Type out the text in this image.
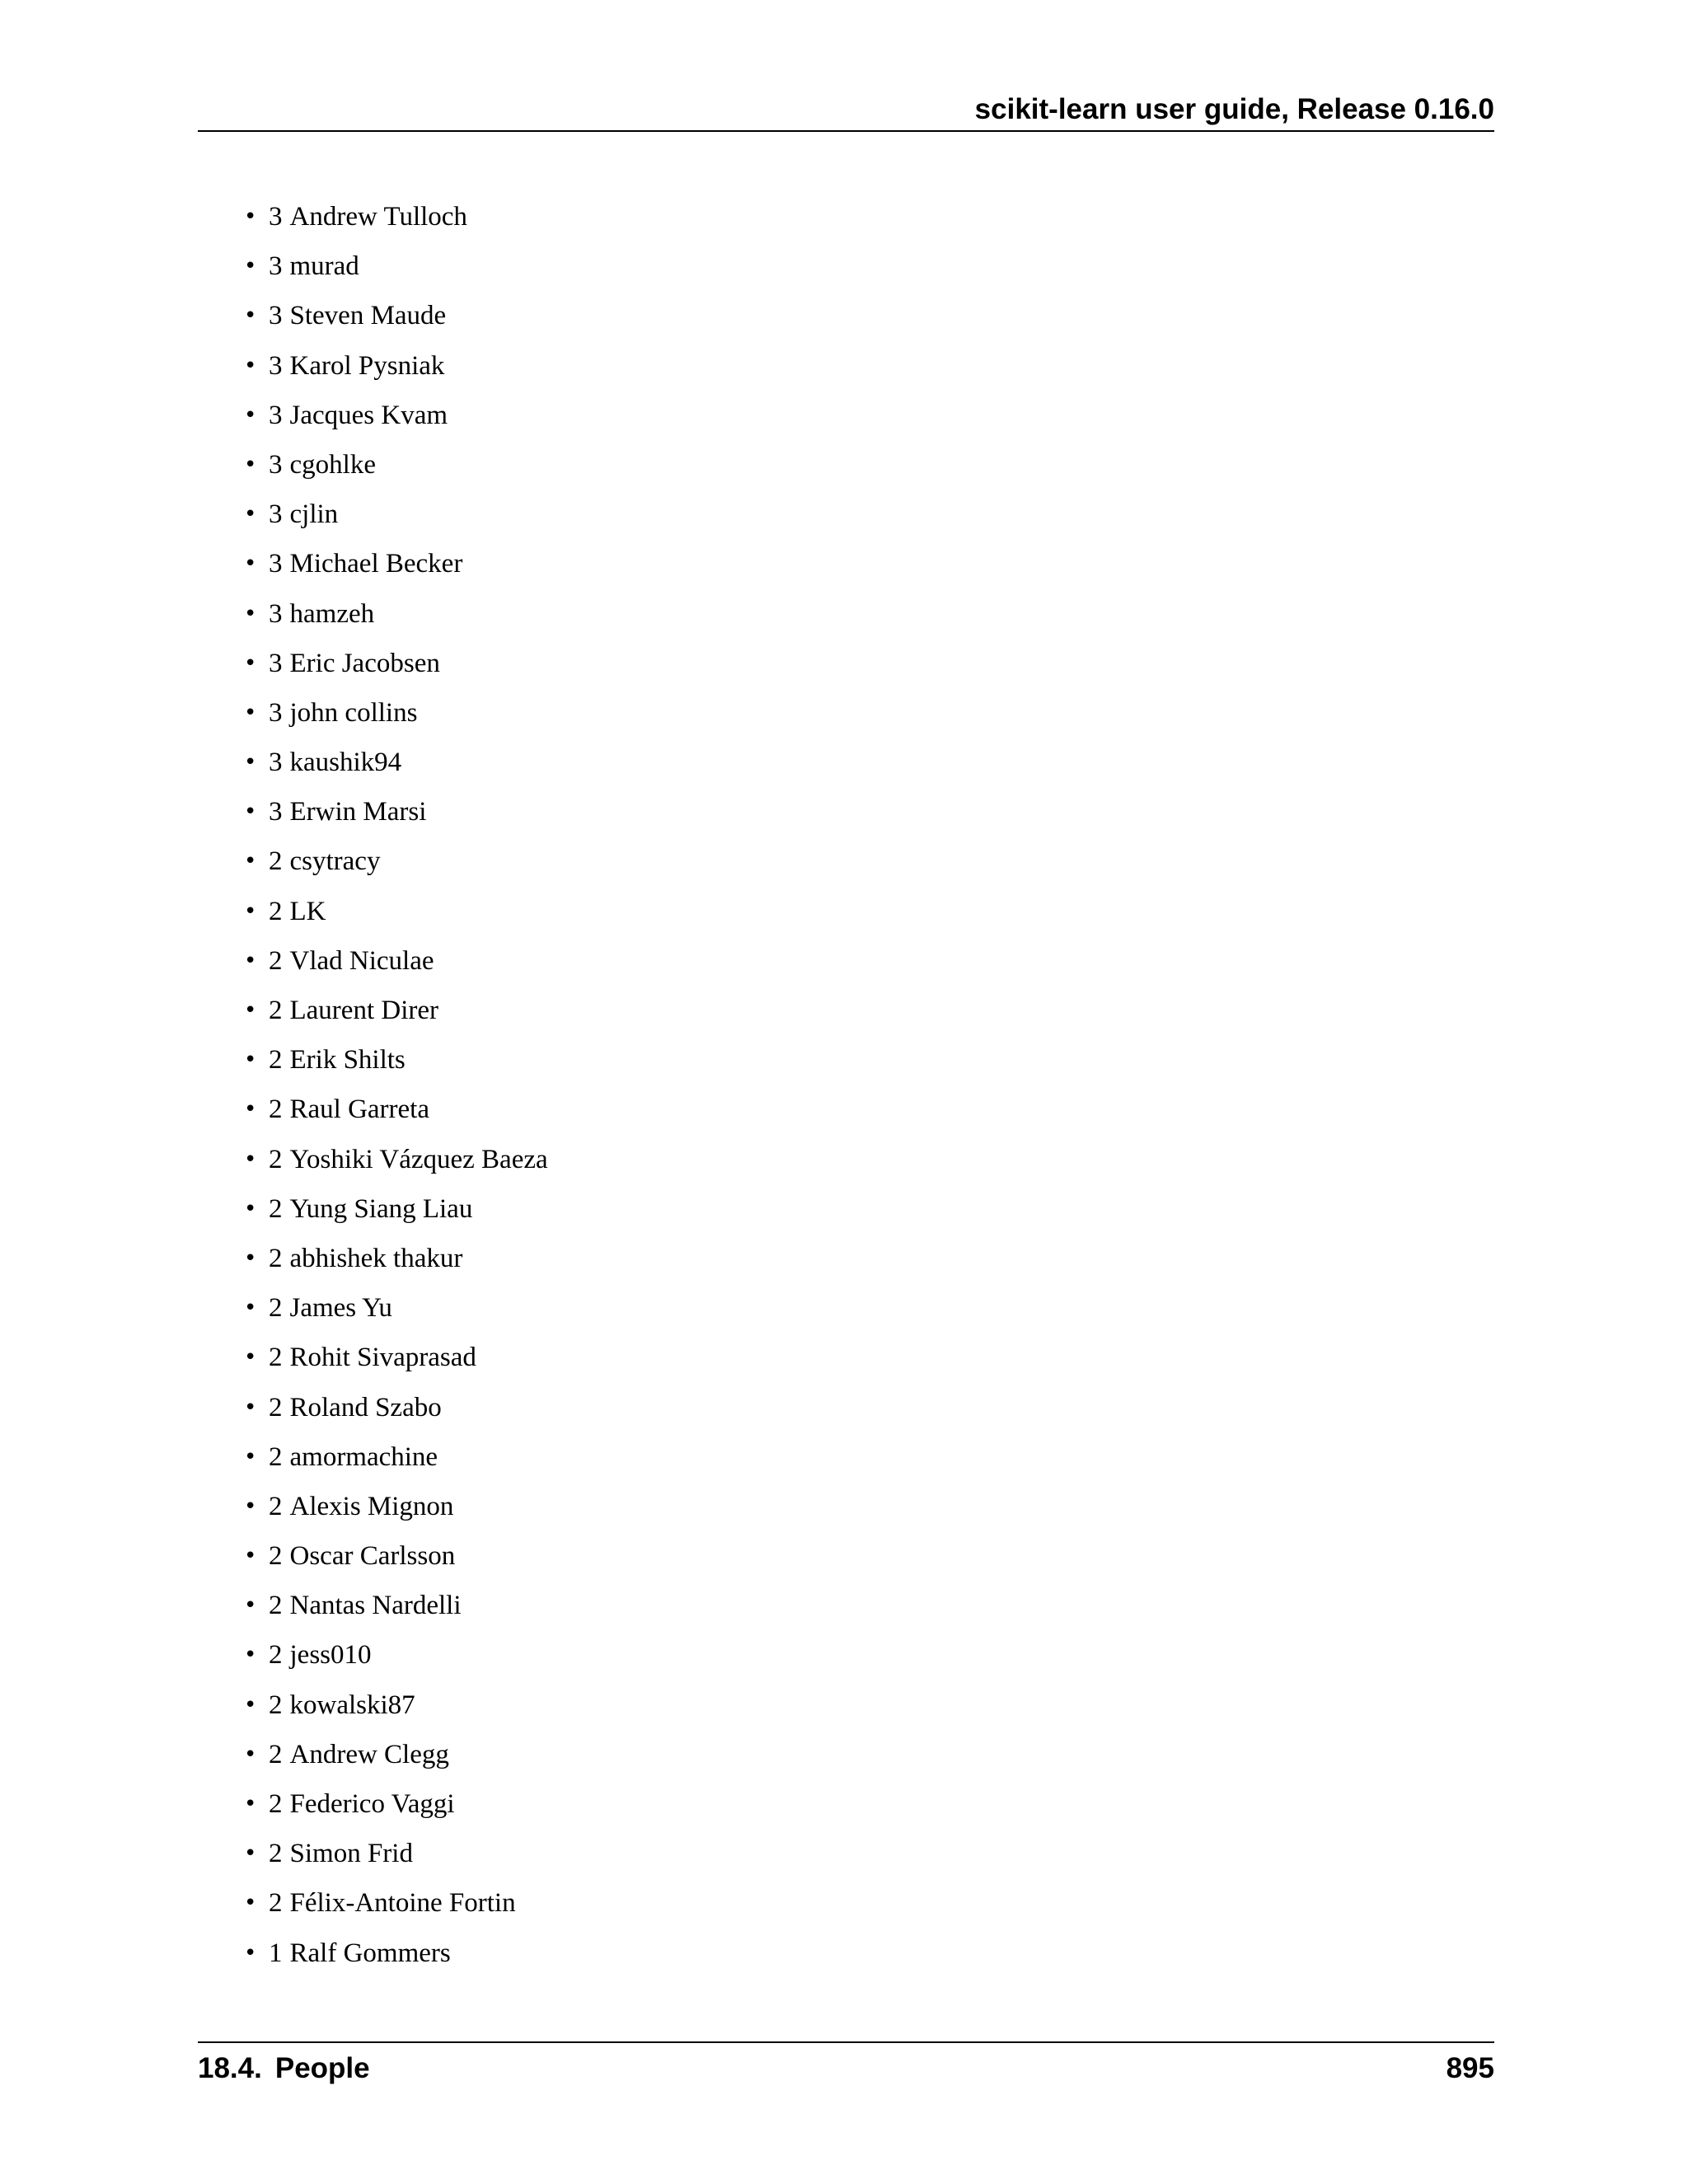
scikit-learn user guide, Release 0.16.0
• 3 Andrew Tulloch
• 3 murad
• 3 Steven Maude
• 3 Karol Pysniak
• 3 Jacques Kvam
• 3 cgohlke
• 3 cjlin
• 3 Michael Becker
• 3 hamzeh
• 3 Eric Jacobsen
• 3 john collins
• 3 kaushik94
• 3 Erwin Marsi
• 2 csytracy
• 2 LK
• 2 Vlad Niculae
• 2 Laurent Direr
• 2 Erik Shilts
• 2 Raul Garreta
• 2 Yoshiki Vázquez Baeza
• 2 Yung Siang Liau
• 2 abhishek thakur
• 2 James Yu
• 2 Rohit Sivaprasad
• 2 Roland Szabo
• 2 amormachine
• 2 Alexis Mignon
• 2 Oscar Carlsson
• 2 Nantas Nardelli
• 2 jess010
• 2 kowalski87
• 2 Andrew Clegg
• 2 Federico Vaggi
• 2 Simon Frid
• 2 Félix-Antoine Fortin
• 1 Ralf Gommers
18.4. People	895
